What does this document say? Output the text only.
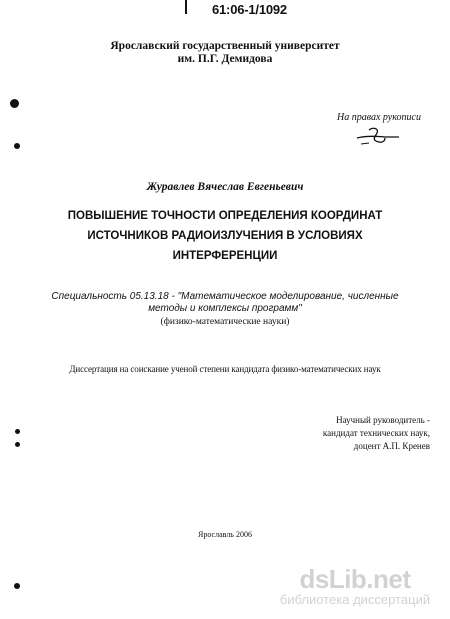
61:06-1/1092
Ярославский государственный университет
им. П.Г. Демидова
На правах рукописи
Журавлев Вячеслав Евгеньевич
ПОВЫШЕНИЕ ТОЧНОСТИ ОПРЕДЕЛЕНИЯ КООРДИНАТ
ИСТОЧНИКОВ РАДИОИЗЛУЧЕНИЯ В УСЛОВИЯХ
ИНТЕРФЕРЕНЦИИ
Специальность 05.13.18 - "Математическое моделирование, численные
методы и комплексы программ"
(физико-математические науки)
Диссертация на соискание ученой степени кандидата физико-математических наук
Научный руководитель -
кандидат технических наук,
доцент А.П. Кренев
Ярославль 2006
dsLib.net
библиотека диссертаций
